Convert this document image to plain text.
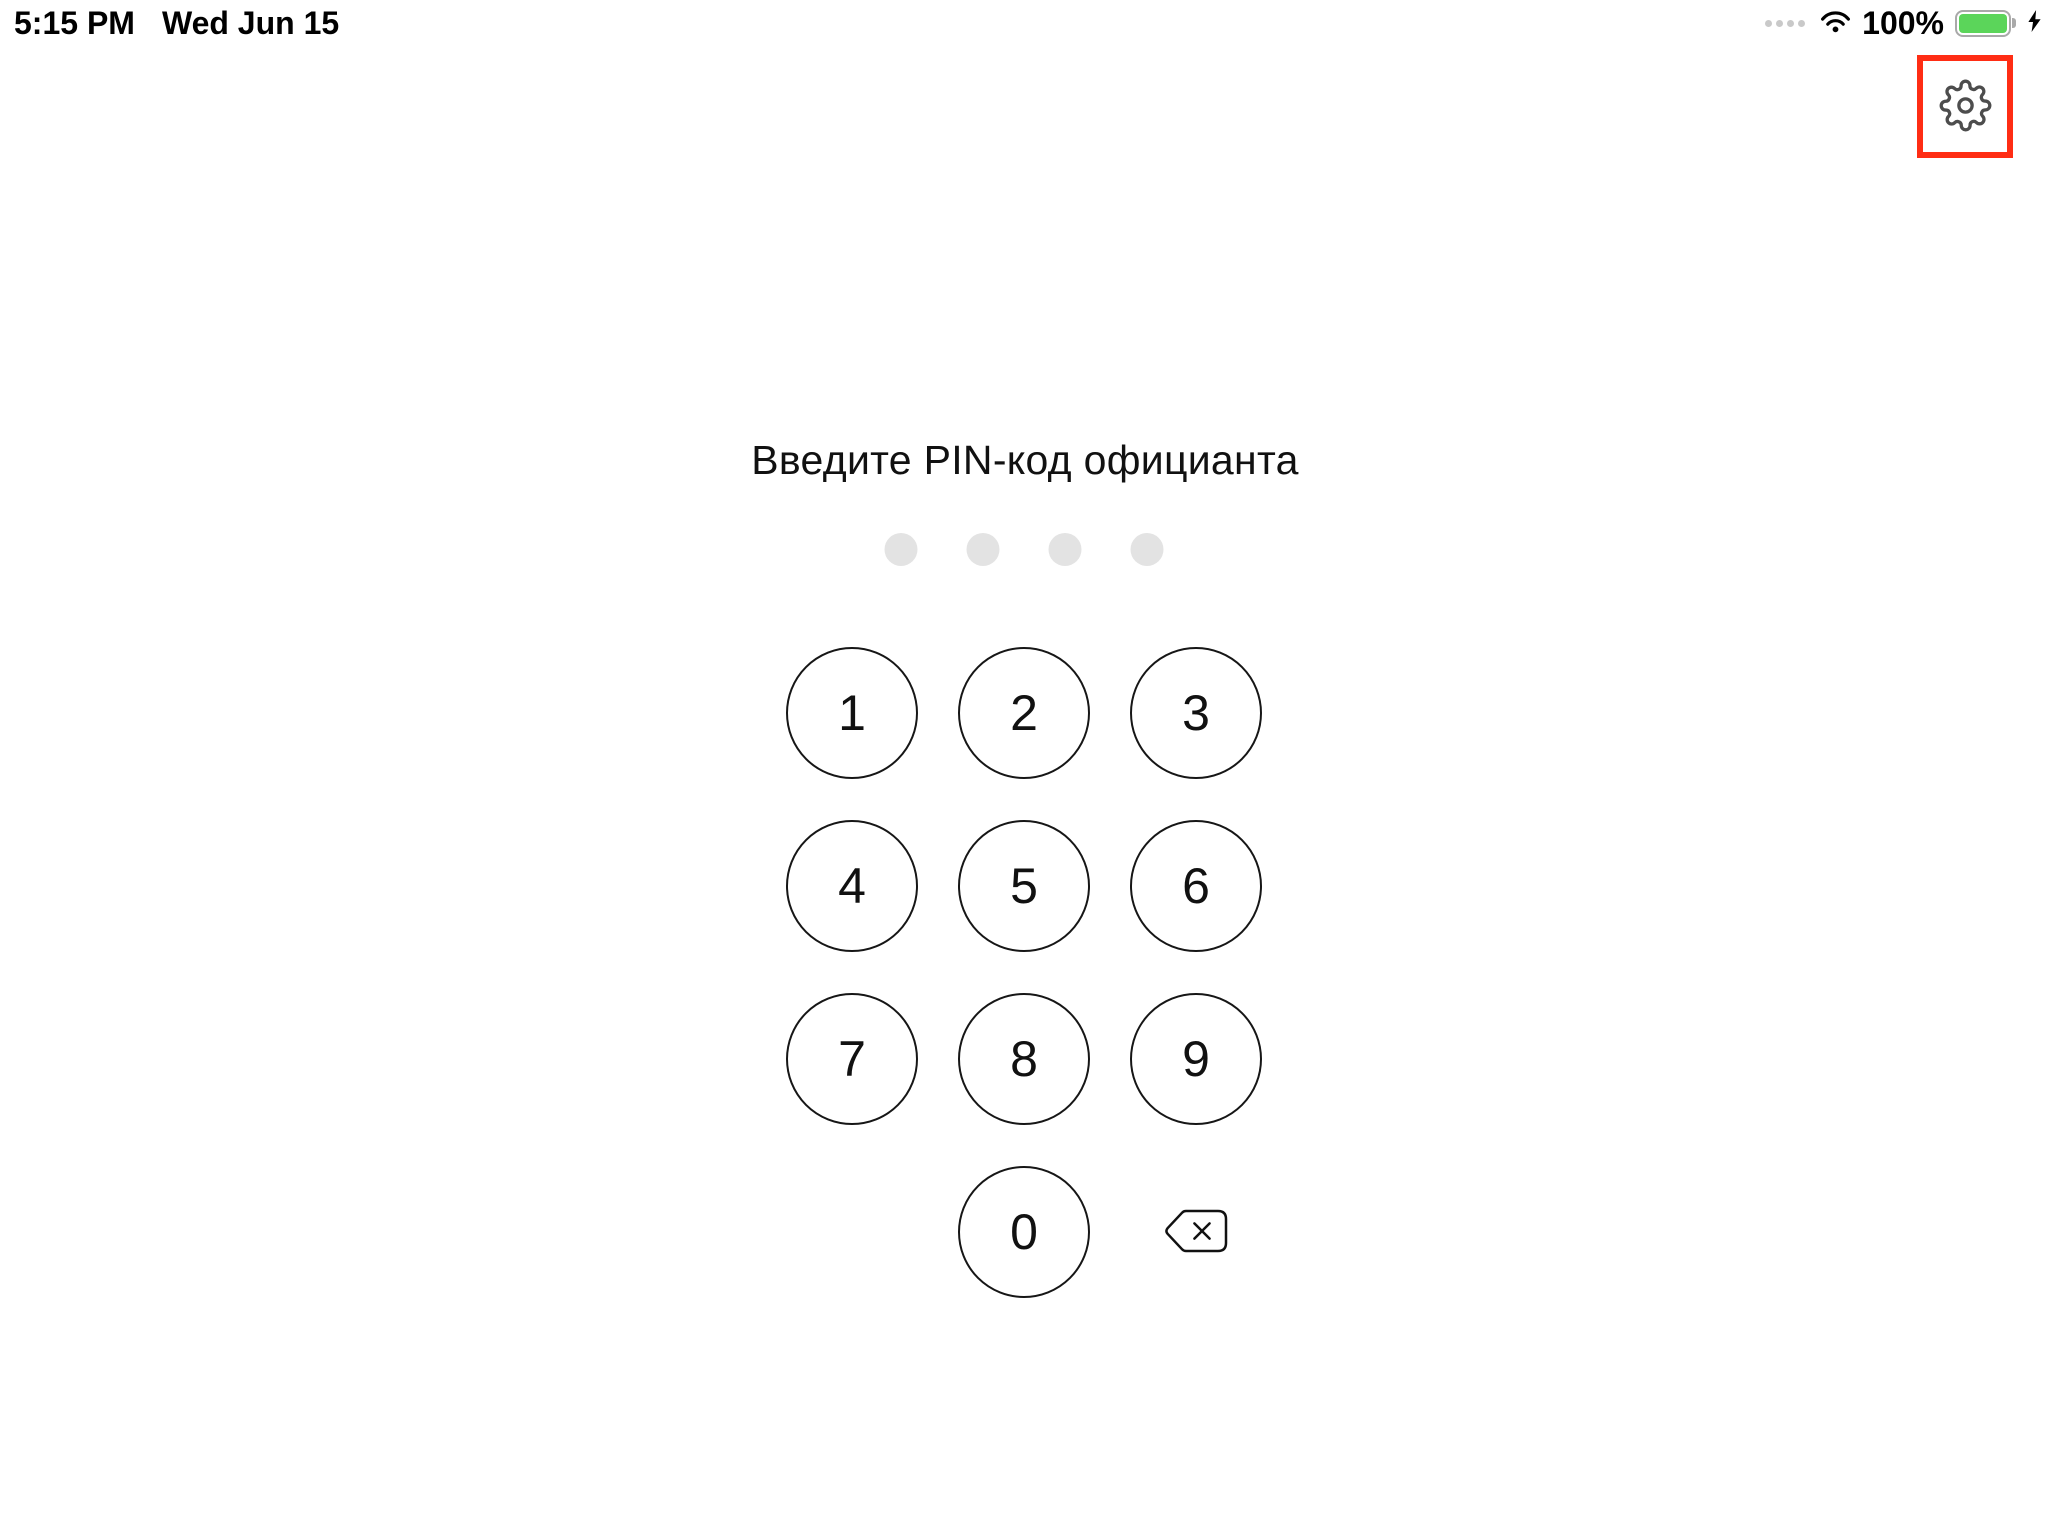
5:15 PM Wed Jun 15	100%
Введите PIN-код официанта
1	2	3
4	5	6
7	8	9
0
